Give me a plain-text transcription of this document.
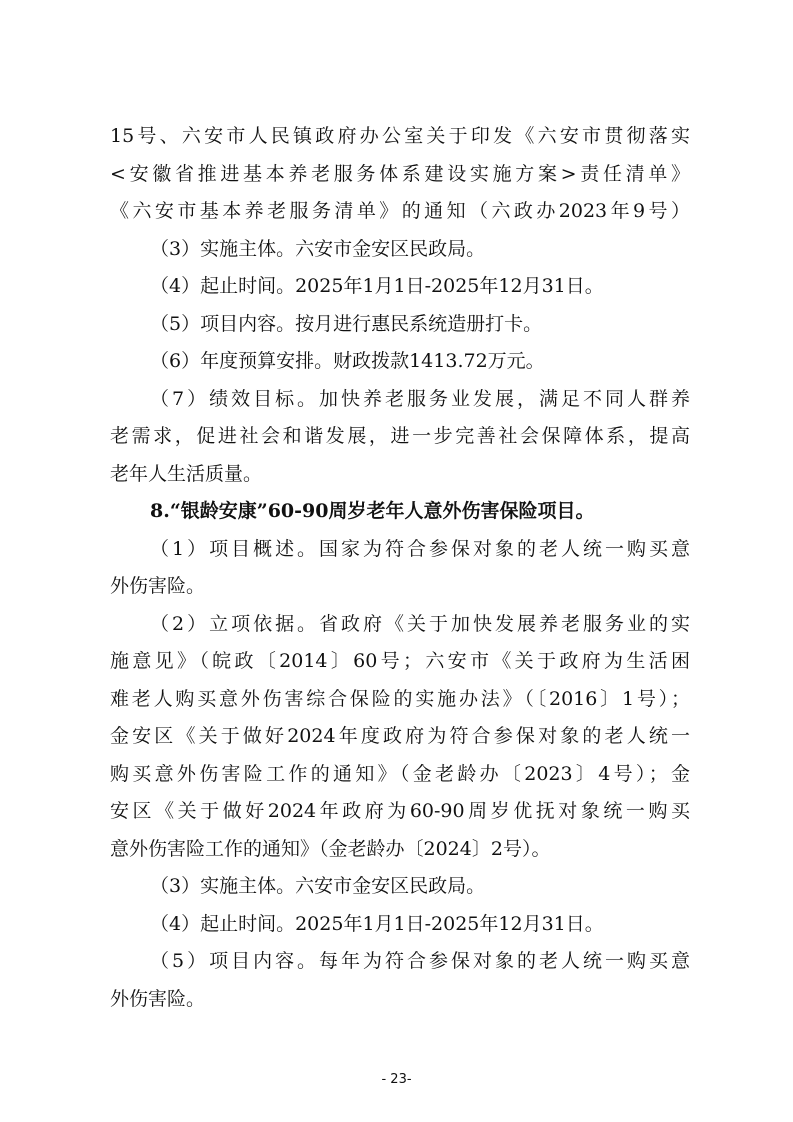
15号、六安市人民镇政府办公室关于印发《六安市贯彻落实
<安徽省推进基本养老服务体系建设实施方案>责任清单》
《六安市基本养老服务清单》的通知（六政办2023年9号）
（3）实施主体。六安市金安区民政局。
（4）起止时间。2025年1月1日-2025年12月31日。
（5）项目内容。按月进行惠民系统造册打卡。
（6）年度预算安排。财政拨款1413.72万元。
（7）绩效目标。加快养老服务业发展，满足不同人群养
老需求，促进社会和谐发展，进一步完善社会保障体系，提高
老年人生活质量。
8.“银龄安康”60-90周岁老年人意外伤害保险项目。
（1）项目概述。国家为符合参保对象的老人统一购买意
外伤害险。
（2）立项依据。省政府《关于加快发展养老服务业的实
施意见》（皖政〔2014〕60号；六安市《关于政府为生活困
难老人购买意外伤害综合保险的实施办法》（〔2016〕1号）；
金安区《关于做好2024年度政府为符合参保对象的老人统一
购买意外伤害险工作的通知》（金老龄办〔2023〕4号）；金
安区《关于做好2024年政府为60-90周岁优抚对象统一购买
意外伤害险工作的通知》（金老龄办〔2024〕2号）。
（3）实施主体。六安市金安区民政局。
（4）起止时间。2025年1月1日-2025年12月31日。
（5）项目内容。每年为符合参保对象的老人统一购买意
外伤害险。
- 23-
